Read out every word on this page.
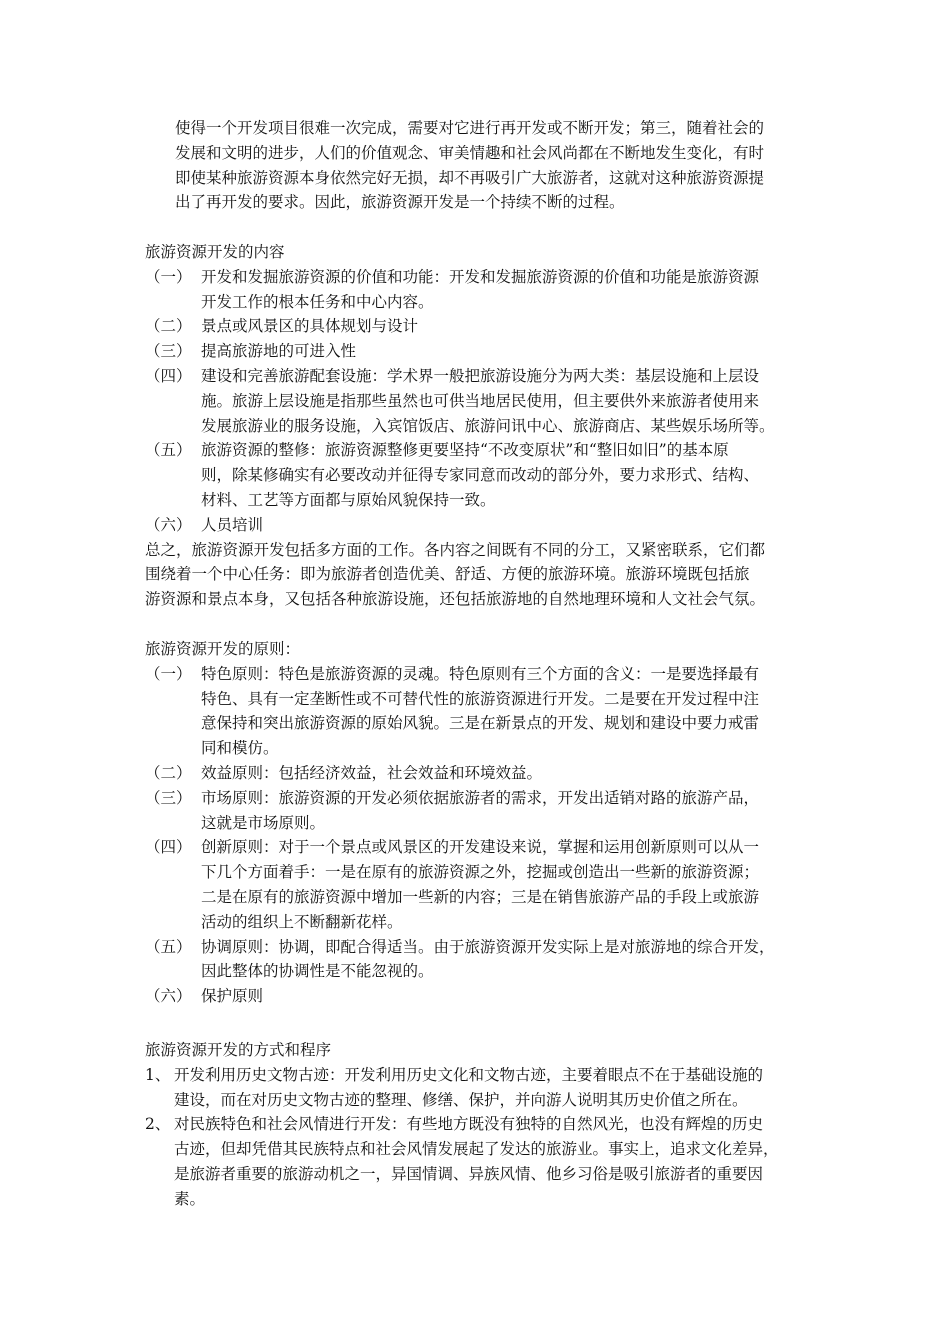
使得一个开发项目很难一次完成，需要对它进行再开发或不断开发；第三，随着社会的
发展和文明的进步，人们的价值观念、审美情趣和社会风尚都在不断地发生变化，有时
即使某种旅游资源本身依然完好无损，却不再吸引广大旅游者，这就对这种旅游资源提
出了再开发的要求。因此，旅游资源开发是一个持续不断的过程。
旅游资源开发的内容
（一） 开发和发掘旅游资源的价值和功能：开发和发掘旅游资源的价值和功能是旅游资源
开发工作的根本任务和中心内容。
（二） 景点或风景区的具体规划与设计
（三） 提高旅游地的可进入性
（四） 建设和完善旅游配套设施：学术界一般把旅游设施分为两大类：基层设施和上层设
施。旅游上层设施是指那些虽然也可供当地居民使用，但主要供外来旅游者使用来
发展旅游业的服务设施，入宾馆饭店、旅游问讯中心、旅游商店、某些娱乐场所等。
（五） 旅游资源的整修：旅游资源整修更要坚持“不改变原状”和“整旧如旧”的基本原
则，除某修确实有必要改动并征得专家同意而改动的部分外，要力求形式、结构、
材料、工艺等方面都与原始风貌保持一致。
（六） 人员培训
总之，旅游资源开发包括多方面的工作。各内容之间既有不同的分工，又紧密联系，它们都
围绕着一个中心任务：即为旅游者创造优美、舒适、方便的旅游环境。旅游环境既包括旅
游资源和景点本身，又包括各种旅游设施，还包括旅游地的自然地理环境和人文社会气氛。
旅游资源开发的原则：
（一） 特色原则：特色是旅游资源的灵魂。特色原则有三个方面的含义：一是要选择最有
特色、具有一定垄断性或不可替代性的旅游资源进行开发。二是要在开发过程中注
意保持和突出旅游资源的原始风貌。三是在新景点的开发、规划和建设中要力戒雷
同和模仿。
（二） 效益原则：包括经济效益，社会效益和环境效益。
（三） 市场原则：旅游资源的开发必须依据旅游者的需求，开发出适销对路的旅游产品，
这就是市场原则。
（四） 创新原则：对于一个景点或风景区的开发建设来说，掌握和运用创新原则可以从一
下几个方面着手：一是在原有的旅游资源之外，挖掘或创造出一些新的旅游资源；
二是在原有的旅游资源中增加一些新的内容；三是在销售旅游产品的手段上或旅游
活动的组织上不断翻新花样。
（五） 协调原则：协调，即配合得适当。由于旅游资源开发实际上是对旅游地的综合开发，
因此整体的协调性是不能忽视的。
（六） 保护原则
旅游资源开发的方式和程序
1、 开发利用历史文物古迹：开发利用历史文化和文物古迹，主要着眼点不在于基础设施的
建设，而在对历史文物古迹的整理、修缮、保护，并向游人说明其历史价值之所在。
2、 对民族特色和社会风情进行开发：有些地方既没有独特的自然风光，也没有辉煌的历史
古迹，但却凭借其民族特点和社会风情发展起了发达的旅游业。事实上，追求文化差异，
是旅游者重要的旅游动机之一，异国情调、异族风情、他乡习俗是吸引旅游者的重要因
素。
